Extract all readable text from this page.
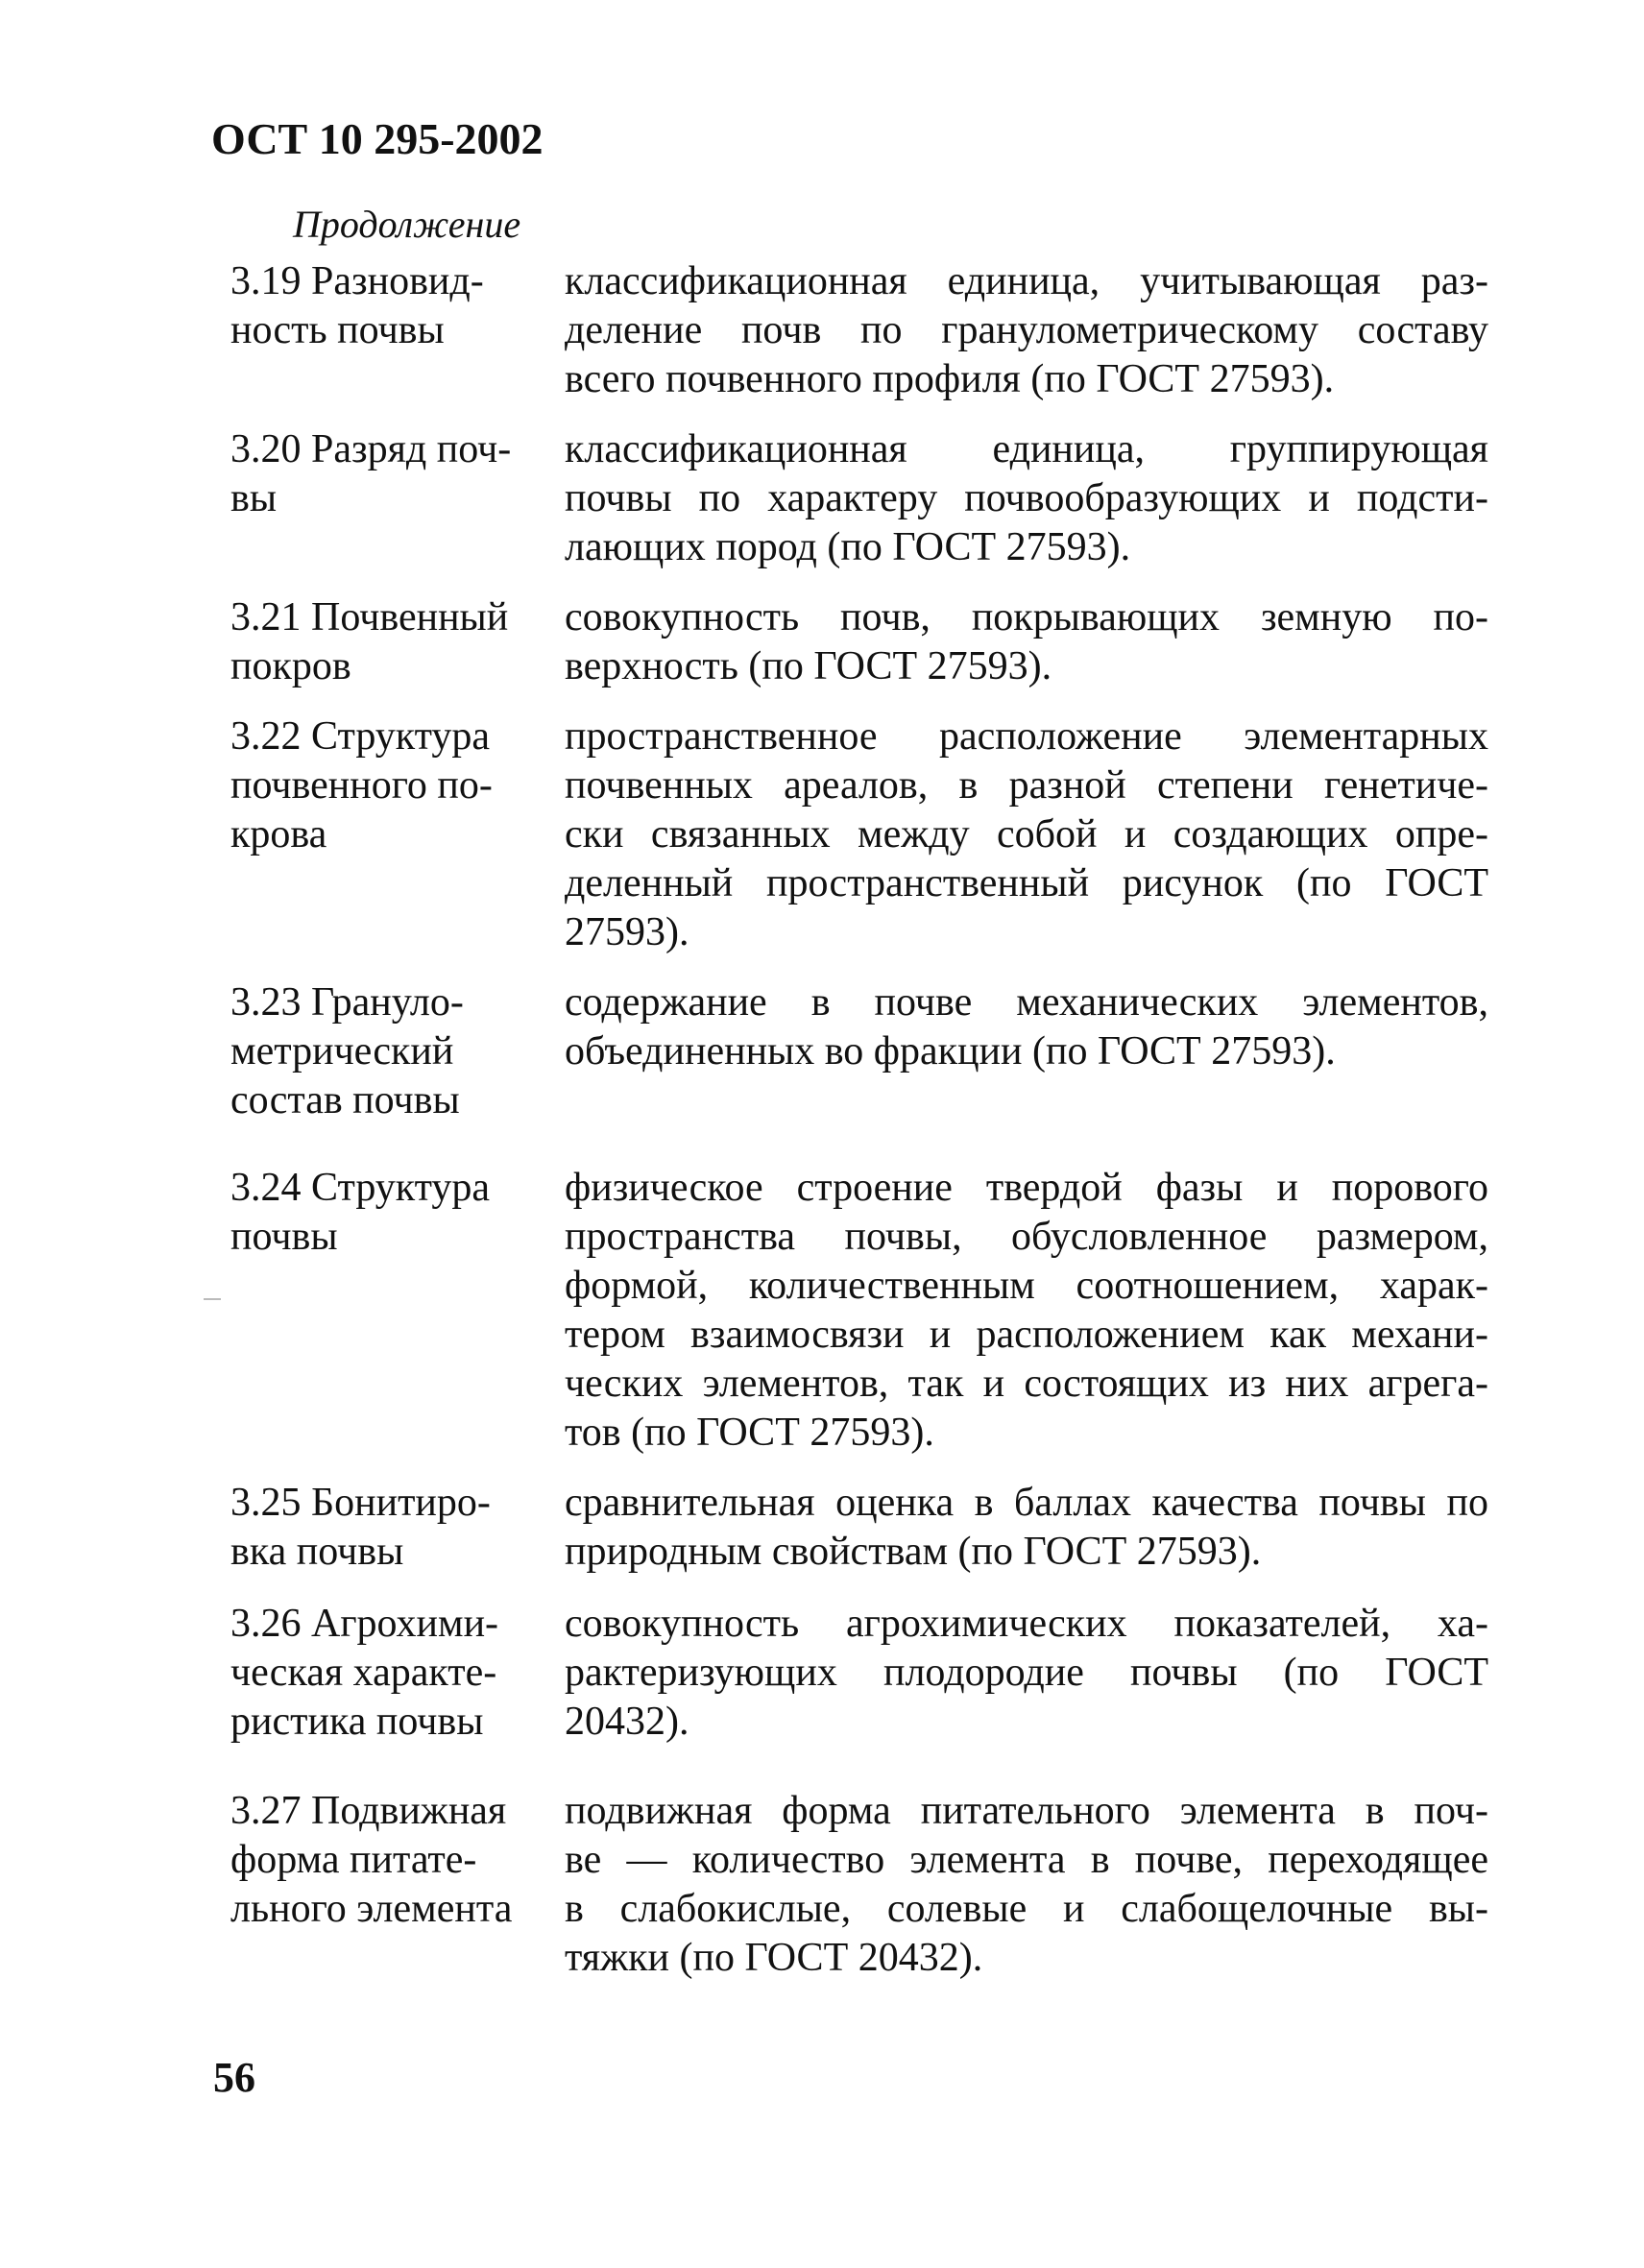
ОСТ 10 295-2002

Продолжение

3.19 Разновид-
ность почвы
классификационная единица, учитывающая раз-
деление почв по гранулометрическому составу
всего почвенного профиля (по ГОСТ 27593).
3.20 Разряд поч-
вы
классификационная единица, группирующая
почвы по характеру почвообразующих и подсти-
лающих пород (по ГОСТ 27593).
3.21 Почвенный
покров
совокупность почв, покрывающих земную по-
верхность (по ГОСТ 27593).
3.22 Структура
почвенного по-
крова
пространственное расположение элементарных
почвенных ареалов, в разной степени генетиче-
ски связанных между собой и создающих опре-
деленный пространственный рисунок (по ГОСТ
27593).
3.23 Грануло-
метрический
состав почвы
содержание в почве механических элементов,
объединенных во фракции (по ГОСТ 27593).
3.24 Структура
почвы
физическое строение твердой фазы и порового
пространства почвы, обусловленное размером,
формой, количественным соотношением, харак-
тером взаимосвязи и расположением как механи-
ческих элементов, так и состоящих из них агрега-
тов (по ГОСТ 27593).
3.25 Бонитиро-
вка почвы
сравнительная оценка в баллах качества почвы по
природным свойствам (по ГОСТ 27593).
3.26 Агрохими-
ческая характе-
ристика почвы
совокупность агрохимических показателей, ха-
рактеризующих плодородие почвы (по ГОСТ
20432).
3.27 Подвижная
форма питате-
льного элемента
подвижная форма питательного элемента в поч-
ве — количество элемента в почве, переходящее
в слабокислые, солевые и слабощелочные вы-
тяжки (по ГОСТ 20432).

56
